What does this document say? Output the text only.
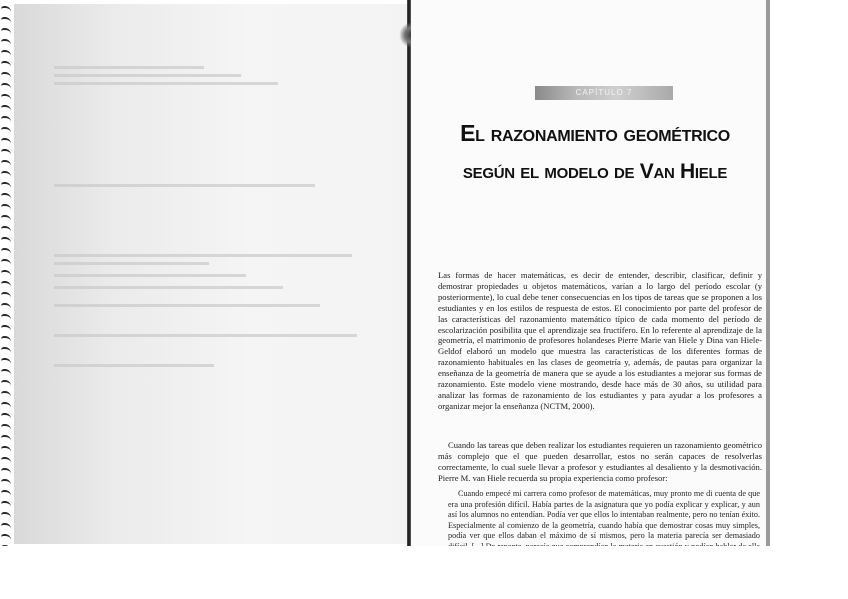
CAPÍTULO 7
El razonamiento geométrico
según el modelo de Van Hiele

Las formas de hacer matemáticas, es decir de entender, describir, clasificar, definir y demostrar propiedades u objetos matemáticos, varían a lo largo del período escolar (y posteriormente), lo cual debe tener consecuencias en los tipos de tareas que se proponen a los estudiantes y en los estilos de respuesta de estos. El conocimiento por parte del profesor de las características del razonamiento matemático típico de cada momento del período de escolarización posibilita que el aprendizaje sea fructífero. En lo referente al aprendizaje de la geometría, el matrimonio de profesores holandeses Pierre Marie van Hiele y Dina van Hiele-Geldof elaboró un modelo que muestra las características de los diferentes formas de razonamiento habituales en las clases de geometría y, además, de pautas para organizar la enseñanza de la geometría de manera que se ayude a los estudiantes a mejorar sus formas de razonamiento. Este modelo viene mostrando, desde hace más de 30 años, su utilidad para analizar las formas de razonamiento de los estudiantes y para ayudar a los profesores a organizar mejor la enseñanza (NCTM, 2000).

Cuando las tareas que deben realizar los estudiantes requieren un razonamiento geométrico más complejo que el que pueden desarrollar, estos no serán capaces de resolverlas correctamente, lo cual suele llevar a profesor y estudiantes al desaliento y la desmotivación. Pierre M. van Hiele recuerda su propia experiencia como profesor:

Cuando empecé mi carrera como profesor de matemáticas, muy pronto me di cuenta de que era una profesión difícil. Había partes de la asignatura que yo podía explicar y explicar, y aun así los alumnos no entendían. Podía ver que ellos lo intentaban realmente, pero no tenían éxito. Especialmente al comienzo de la geometría, cuando había que demostrar cosas muy simples, podía ver que ellos daban el máximo de sí mismos, pero la materia parecía ser demasiado
